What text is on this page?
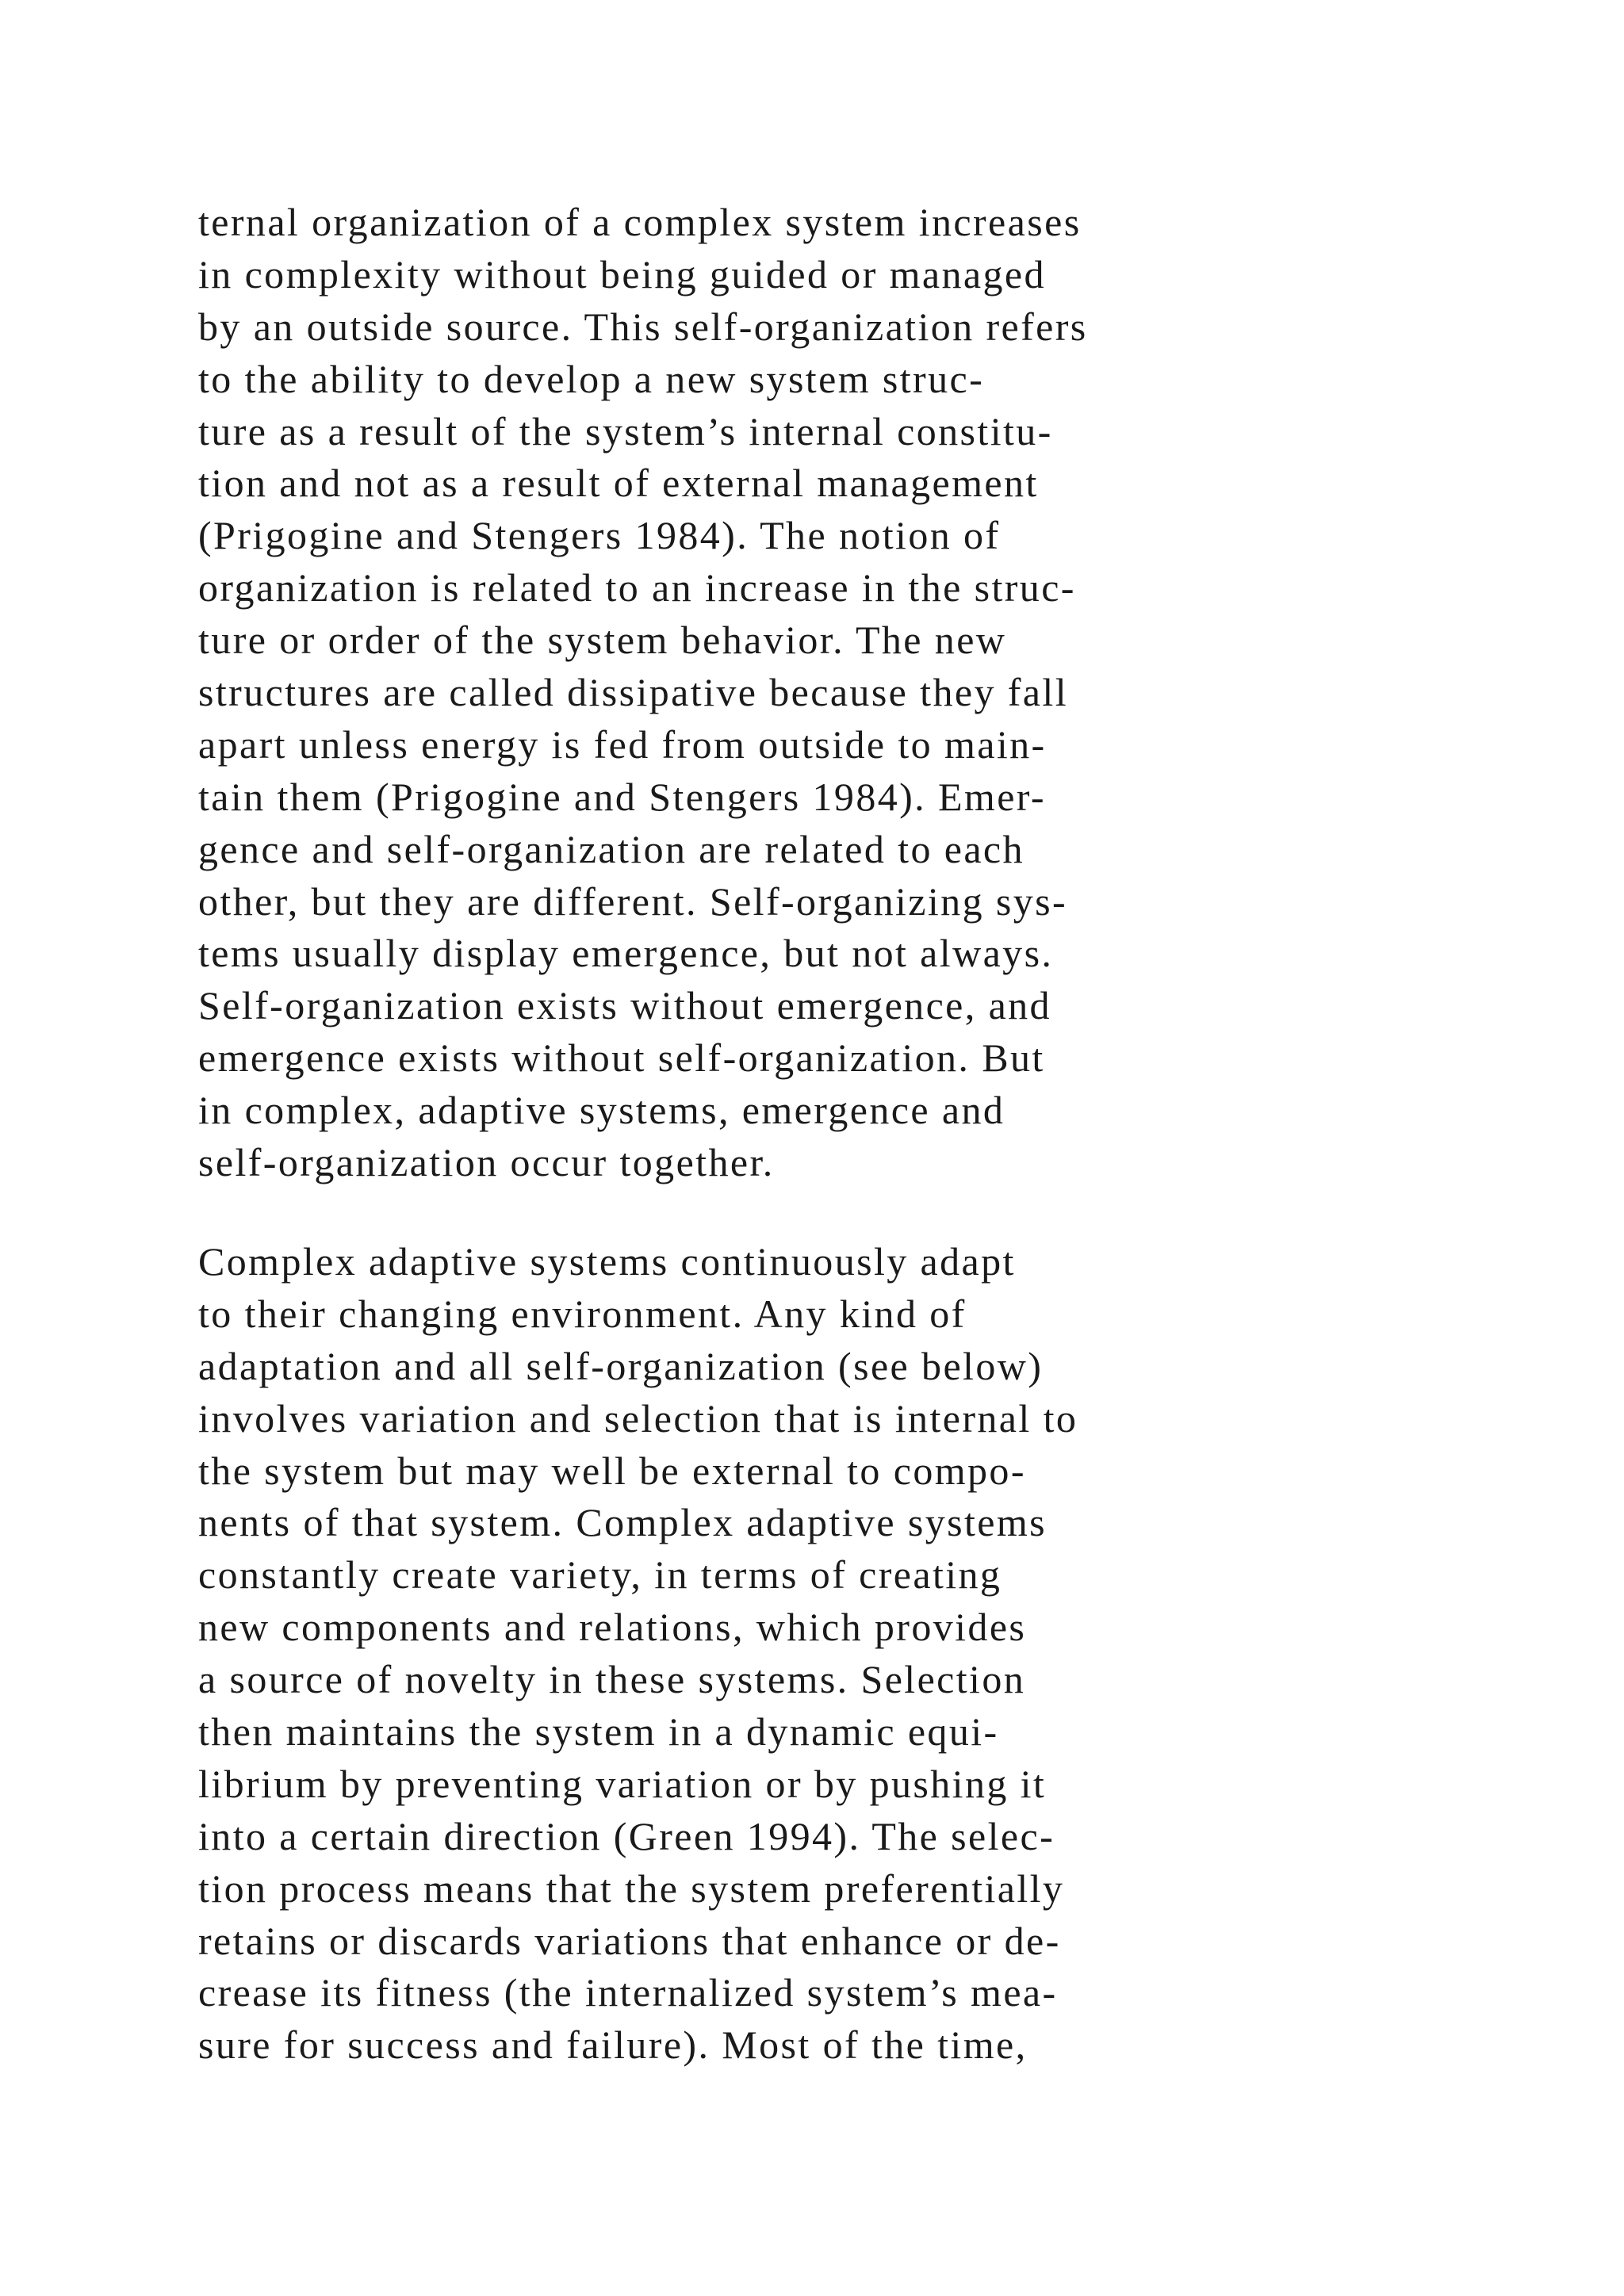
ternal organization of a complex system increases
in complexity without being guided or managed
by an outside source. This self-organization refers
to the ability to develop a new system struc-
ture as a result of the system’s internal constitu-
tion and not as a result of external management
(Prigogine and Stengers 1984). The notion of
organization is related to an increase in the struc-
ture or order of the system behavior. The new
structures are called dissipative because they fall
apart unless energy is fed from outside to main-
tain them (Prigogine and Stengers 1984). Emer-
gence and self-organization are related to each
other, but they are different. Self-organizing sys-
tems usually display emergence, but not always.
Self-organization exists without emergence, and
emergence exists without self-organization. But
in complex, adaptive systems, emergence and
self-organization occur together.
Complex adaptive systems continuously adapt
to their changing environment. Any kind of
adaptation and all self-organization (see below)
involves variation and selection that is internal to
the system but may well be external to compo-
nents of that system. Complex adaptive systems
constantly create variety, in terms of creating
new components and relations, which provides
a source of novelty in these systems. Selection
then maintains the system in a dynamic equi-
librium by preventing variation or by pushing it
into a certain direction (Green 1994). The selec-
tion process means that the system preferentially
retains or discards variations that enhance or de-
crease its fitness (the internalized system’s mea-
sure for success and failure). Most of the time,
